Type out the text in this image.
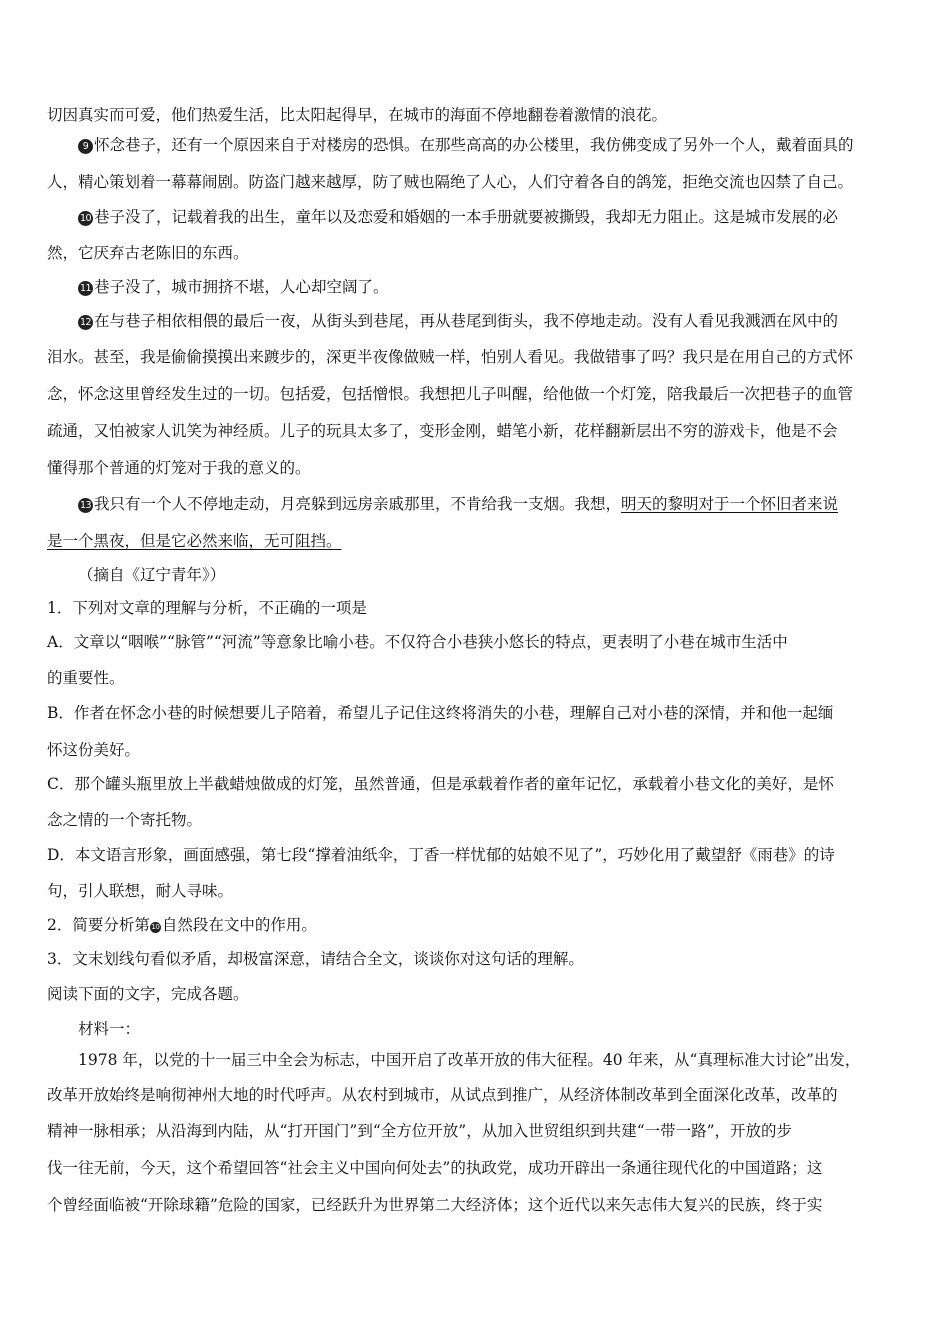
切因真实而可爱，他们热爱生活，比太阳起得早，在城市的海面不停地翻卷着激情的浪花。
9 怀念巷子，还有一个原因来自于对楼房的恐惧。在那些高高的办公楼里，我仿佛变成了另外一个人，戴着面具的
人，精心策划着一幕幕闹剧。防盗门越来越厚，防了贼也隔绝了人心，人们守着各自的鸽笼，拒绝交流也囚禁了自己。
10 巷子没了，记载着我的出生，童年以及恋爱和婚姻的一本手册就要被撕毁，我却无力阻止。这是城市发展的必
然，它厌弃古老陈旧的东西。
11 巷子没了，城市拥挤不堪，人心却空阔了。
12 在与巷子相依相偎的最后一夜，从街头到巷尾，再从巷尾到街头，我不停地走动。没有人看见我溅洒在风中的
泪水。甚至，我是偷偷摸摸出来踱步的，深更半夜像做贼一样，怕别人看见。我做错事了吗？我只是在用自己的方式怀
念，怀念这里曾经发生过的一切。包括爱，包括憎恨。我想把儿子叫醒，给他做一个灯笼，陪我最后一次把巷子的血管
疏通，又怕被家人讥笑为神经质。儿子的玩具太多了，变形金刚，蜡笔小新，花样翻新层出不穷的游戏卡，他是不会
懂得那个普通的灯笼对于我的意义的。
13 我只有一个人不停地走动，月亮躲到远房亲戚那里，不肯给我一支烟。我想，明天的黎明对于一个怀旧者来说
是一个黑夜，但是它必然来临，无可阻挡。
（摘自《辽宁青年》）
1．下列对文章的理解与分析，不正确的一项是
A．文章以“咽喉”“脉管”“河流”等意象比喻小巷。不仅符合小巷狭小悠长的特点，更表明了小巷在城市生活中
的重要性。
B．作者在怀念小巷的时候想要儿子陪着，希望儿子记住这终将消失的小巷，理解自己对小巷的深情，并和他一起缅
怀这份美好。
C．那个罐头瓶里放上半截蜡烛做成的灯笼，虽然普通，但是承载着作者的童年记忆，承载着小巷文化的美好，是怀
念之情的一个寄托物。
D．本文语言形象，画面感强，第七段“撑着油纸伞，丁香一样忧郁的姑娘不见了”，巧妙化用了戴望舒《雨巷》的诗
句，引人联想，耐人寻味。
2．简要分析第 10 自然段在文中的作用。
3．文末划线句看似矛盾，却极富深意，请结合全文，谈谈你对这句话的理解。
阅读下面的文字，完成各题。
材料一：
1978 年，以党的十一届三中全会为标志，中国开启了改革开放的伟大征程。40 年来，从“真理标准大讨论”出发，
改革开放始终是响彻神州大地的时代呼声。从农村到城市，从试点到推广，从经济体制改革到全面深化改革，改革的
精神一脉相承；从沿海到内陆，从“打开国门”到“全方位开放”，从加入世贸组织到共建“一带一路”，开放的步
伐一往无前，今天，这个希望回答“社会主义中国向何处去”的执政党，成功开辟出一条通往现代化的中国道路；这
个曾经面临被“开除球籍”危险的国家，已经跃升为世界第二大经济体；这个近代以来矢志伟大复兴的民族，终于实
